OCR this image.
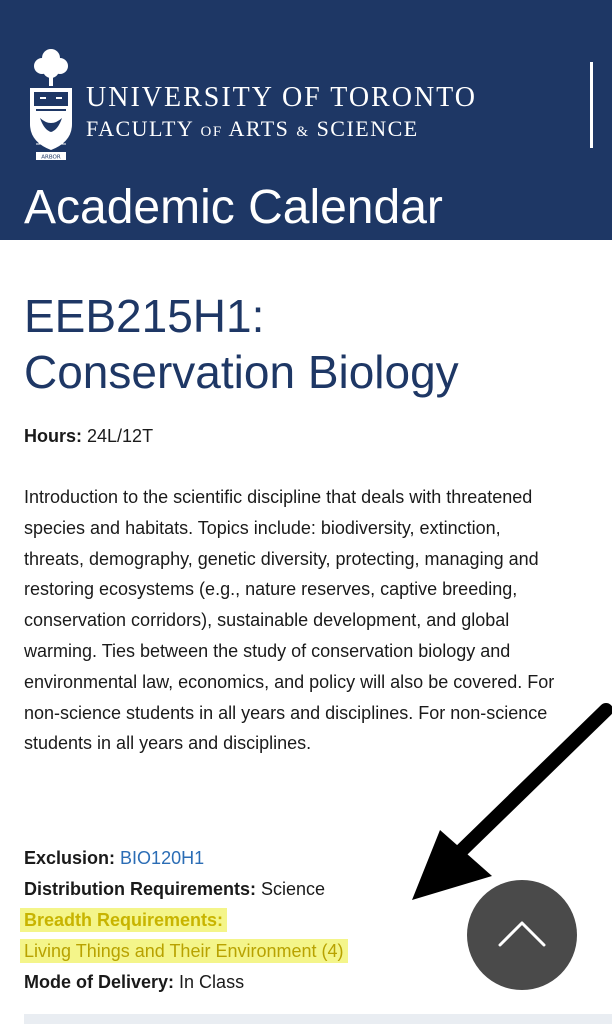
ARBOR
UNIVERSITY OF TORONTO
FACULTY OF ARTS & SCIENCE
Academic Calendar
EEB215H1:
Conservation Biology
Hours: 24L/12T

Introduction to the scientific discipline that deals with threatened species and habitats. Topics include: biodiversity, extinction, threats, demography, genetic diversity, protecting, managing and restoring ecosystems (e.g., nature reserves, captive breeding, conservation corridors), sustainable development, and global warming. Ties between the study of conservation biology and environmental law, economics, and policy will also be covered. For non-science students in all years and disciplines. For non-science students in all years and disciplines.

Exclusion: BIO120H1
Distribution Requirements: Science
Breadth Requirements:
Living Things and Their Environment (4)
Mode of Delivery: In Class
